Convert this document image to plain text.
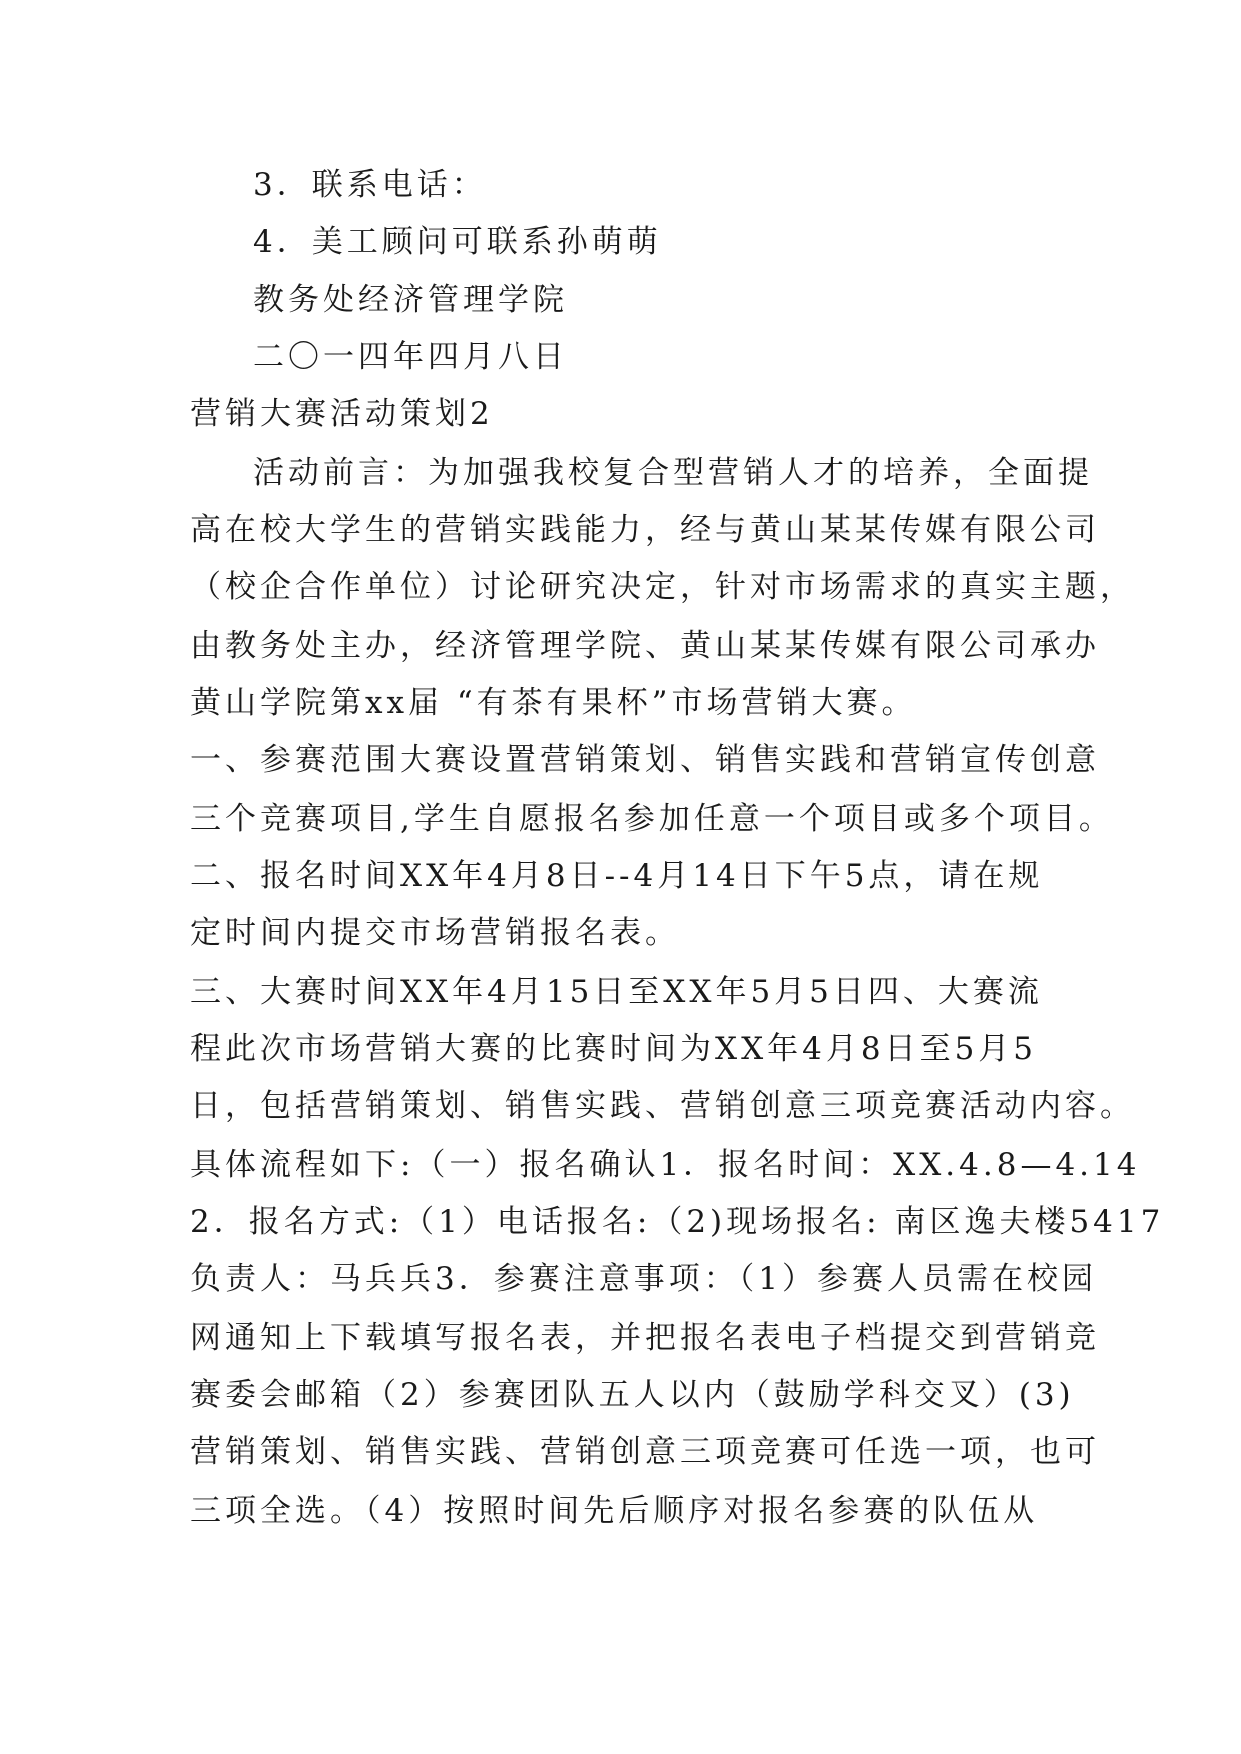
3．联系电话：

4．美工顾问可联系孙萌萌

教务处经济管理学院

二〇一四年四月八日

营销大赛活动策划2

活动前言：为加强我校复合型营销人才的培养，全面提

高在校大学生的营销实践能力，经与黄山某某传媒有限公司

（校企合作单位）讨论研究决定，针对市场需求的真实主题，

由教务处主办，经济管理学院、黄山某某传媒有限公司承办

黄山学院第xx届 “有茶有果杯”市场营销大赛。

一、参赛范围大赛设置营销策划、销售实践和营销宣传创意

三个竞赛项目,学生自愿报名参加任意一个项目或多个项目。

二、报名时间XX年4月8日--4月14日下午5点，请在规

定时间内提交市场营销报名表。

三、大赛时间XX年4月15日至XX年5月5日四、大赛流

程此次市场营销大赛的比赛时间为XX年4月8日至5月5

日，包括营销策划、销售实践、营销创意三项竞赛活动内容。

具体流程如下:（一）报名确认1．报名时间：XX.4.8—4.14

2．报名方式:（1）电话报名:（2)现场报名: 南区逸夫楼5417

负责人：马兵兵3．参赛注意事项：（1）参赛人员需在校园

网通知上下载填写报名表，并把报名表电子档提交到营销竞

赛委会邮箱（2）参赛团队五人以内（鼓励学科交叉）(3)

营销策划、销售实践、营销创意三项竞赛可任选一项，也可

三项全选。（4）按照时间先后顺序对报名参赛的队伍从
